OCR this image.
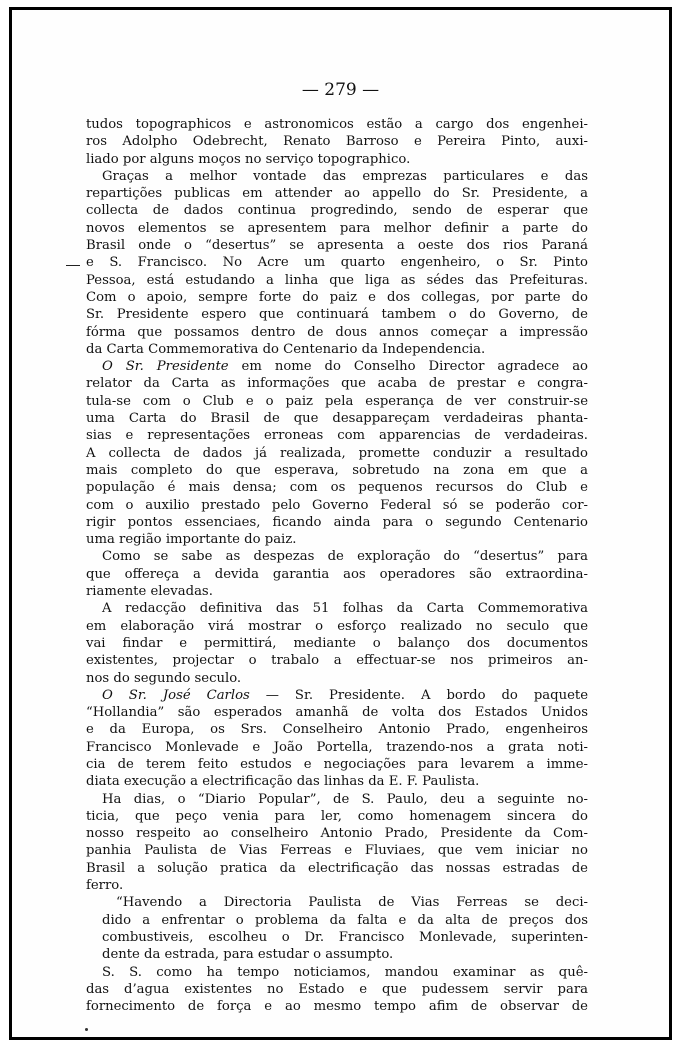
— 279 —
tudos topographicos e astronomicos estão a cargo dos engenhei-
ros Adolpho Odebrecht, Renato Barroso e Pereira Pinto, auxi-
liado por alguns moços no serviço topographico.
Graças a melhor vontade das emprezas particulares e das
repartições publicas em attender ao appello do Sr. Presidente, a
collecta de dados continua progredindo, sendo de esperar que
novos elementos se apresentem para melhor definir a parte do
Brasil onde o “desertus” se apresenta a oeste dos rios Paraná
e S. Francisco. No Acre um quarto engenheiro, o Sr. Pinto
Pessoa, está estudando a linha que liga as sédes das Prefeituras.
Com o apoio, sempre forte do paiz e dos collegas, por parte do
Sr. Presidente espero que continuará tambem o do Governo, de
fórma que possamos dentro de dous annos começar a impressão
da Carta Commemorativa do Centenario da Independencia.
O Sr. Presidente em nome do Conselho Director agradece ao
relator da Carta as informações que acaba de prestar e congra-
tula-se com o Club e o paiz pela esperança de ver construir-se
uma Carta do Brasil de que desappareçam verdadeiras phanta-
sias e representações erroneas com apparencias de verdadeiras.
A collecta de dados já realizada, promette conduzir a resultado
mais completo do que esperava, sobretudo na zona em que a
população é mais densa; com os pequenos recursos do Club e
com o auxilio prestado pelo Governo Federal só se poderão cor-
rigir pontos essenciaes, ficando ainda para o segundo Centenario
uma região importante do paiz.
Como se sabe as despezas de exploração do “desertus” para
que offereça a devida garantia aos operadores são extraordina-
riamente elevadas.
A redacção definitiva das 51 folhas da Carta Commemorativa
em elaboração virá mostrar o esforço realizado no seculo que
vai findar e permittirá, mediante o balanço dos documentos
existentes, projectar o trabalo a effectuar-se nos primeiros an-
nos do segundo seculo.
O Sr. José Carlos — Sr. Presidente. A bordo do paquete
“Hollandia” são esperados amanhã de volta dos Estados Unidos
e da Europa, os Srs. Conselheiro Antonio Prado, engenheiros
Francisco Monlevade e João Portella, trazendo-nos a grata noti-
cia de terem feito estudos e negociações para levarem a imme-
diata execução a electrificação das linhas da E. F. Paulista.
Ha dias, o “Diario Popular”, de S. Paulo, deu a seguinte no-
ticia, que peço venia para ler, como homenagem sincera do
nosso respeito ao conselheiro Antonio Prado, Presidente da Com-
panhia Paulista de Vias Ferreas e Fluviaes, que vem iniciar no
Brasil a solução pratica da electrificação das nossas estradas de
ferro.
“Havendo a Directoria Paulista de Vias Ferreas se deci-
dido a enfrentar o problema da falta e da alta de preços dos
combustiveis, escolheu o Dr. Francisco Monlevade, superinten-
dente da estrada, para estudar o assumpto.
S. S. como ha tempo noticiamos, mandou examinar as quê-
das d’agua existentes no Estado e que pudessem servir para
fornecimento de força e ao mesmo tempo afim de observar de
